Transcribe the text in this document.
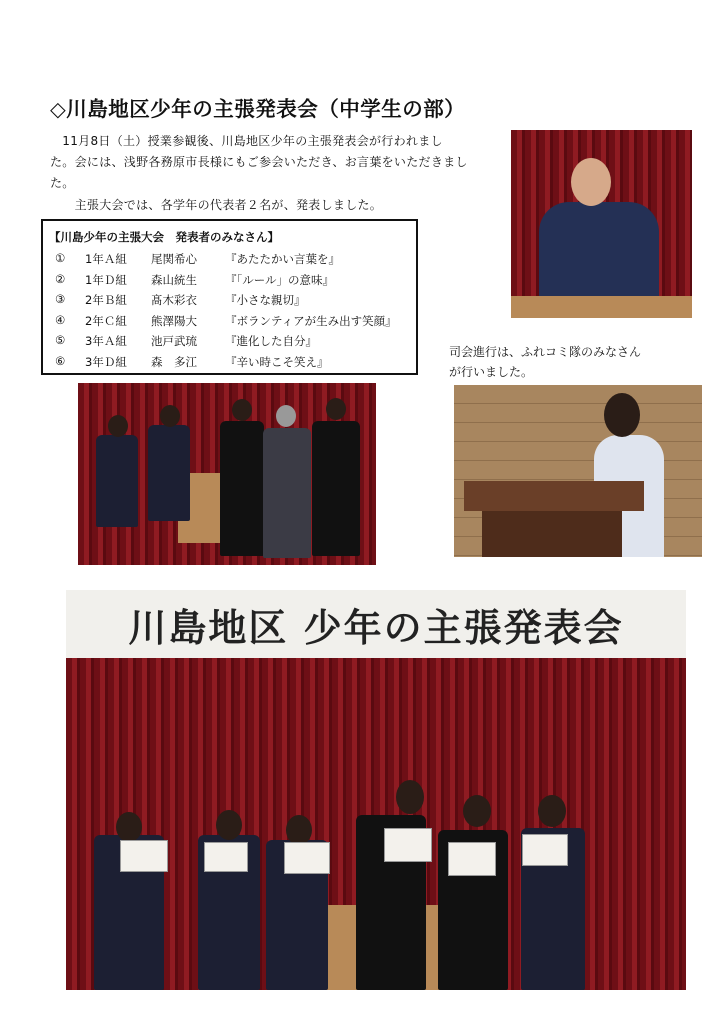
◇川島地区少年の主張発表会（中学生の部）
　11月8日（土）授業参観後、川島地区少年の主張発表会が行われまし
た。会には、浅野各務原市長様にもご参会いただき、お言葉をいただきまし
た。
　　主張大会では、各学年の代表者２名が、発表しました。
【川島少年の主張大会　発表者のみなさん】
① 1年Ａ組 尾関希心 『あたたかい言葉を』
② 1年Ｄ組 森山統生 『「ルール」の意味』
③ 2年Ｂ組 髙木彩衣 『小さな親切』
④ 2年Ｃ組 熊澤陽大 『ボランティアが生み出す笑顔』
⑤ 3年Ａ組 池戸武琉 『進化した自分』
⑥ 3年Ｄ組 森　多江 『辛い時こそ笑え』
司会進行は、ふれコミ隊のみなさん
が行いました。
川島地区 少年の主張発表会
